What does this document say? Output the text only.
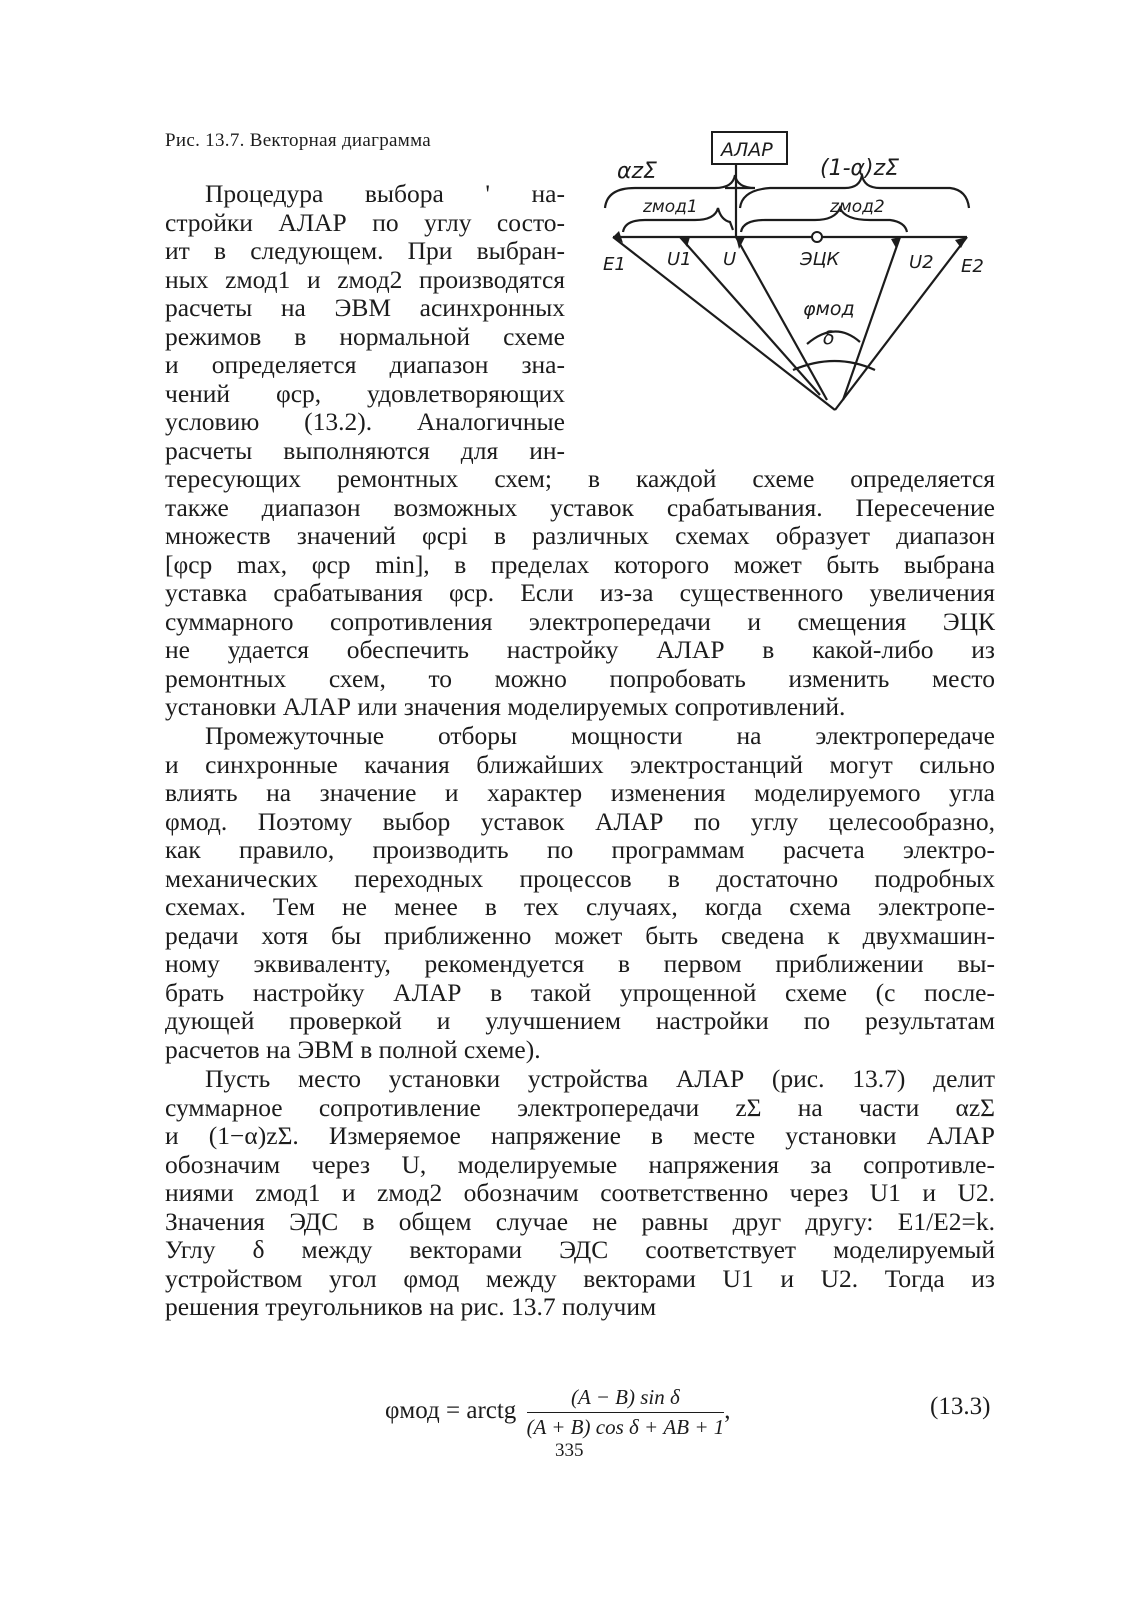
Рис. 13.7. Векторная диаграмма	АЛАР
αzΣ	(1-α)zΣ
zмод1	zмод2
E1 U1 U	ЭЦК	U2 E2
φмод
δ
Процедура выбора ' на-
стройки АЛАР по углу состо-
ит в следующем. При выбран-
ных zмод1 и zмод2 производятся
расчеты на ЭВМ асинхронных
режимов в нормальной схеме
и определяется диапазон зна-
чений φср, удовлетворяющих
условию (13.2). Аналогичные
расчеты выполняются для ин-
тересующих ремонтных схем; в каждой схеме определяется
также диапазон возможных уставок срабатывания. Пересечение
множеств значений φсрi в различных схемах образует диапазон
[φср max, φср min], в пределах которого может быть выбрана
уставка срабатывания φср. Если из-за существенного увеличения
суммарного сопротивления электропередачи и смещения ЭЦК
не удается обеспечить настройку АЛАР в какой-либо из
ремонтных схем, то можно попробовать изменить место
установки АЛАР или значения моделируемых сопротивлений.
Промежуточные отборы мощности на электропередаче
и синхронные качания ближайших электростанций могут сильно
влиять на значение и характер изменения моделируемого угла
φмод. Поэтому выбор уставок АЛАР по углу целесообразно,
как правило, производить по программам расчета электро-
механических переходных процессов в достаточно подробных
схемах. Тем не менее в тех случаях, когда схема электропе-
редачи хотя бы приближенно может быть сведена к двухмашин-
ному эквиваленту, рекомендуется в первом приближении вы-
брать настройку АЛАР в такой упрощенной схеме (с после-
дующей проверкой и улучшением настройки по результатам
расчетов на ЭВМ в полной схеме).
Пусть место установки устройства АЛАР (рис. 13.7) делит
суммарное сопротивление электропередачи zΣ на части αzΣ
и (1−α)zΣ. Измеряемое напряжение в месте установки АЛАР
обозначим через U, моделируемые напряжения за сопротивле-
ниями zмод1 и zмод2 обозначим соответственно через U1 и U2.
Значения ЭДС в общем случае не равны друг другу: E1/E2=k.
Углу δ между векторами ЭДС соответствует моделируемый
устройством угол φмод между векторами U1 и U2. Тогда из
решения треугольников на рис. 13.7 получим
φмод = arctg $\frac{\text{(A − B) sin δ}}{\text{(A + B) cos δ + AB + 1}}$ ,	(13.3)
335
